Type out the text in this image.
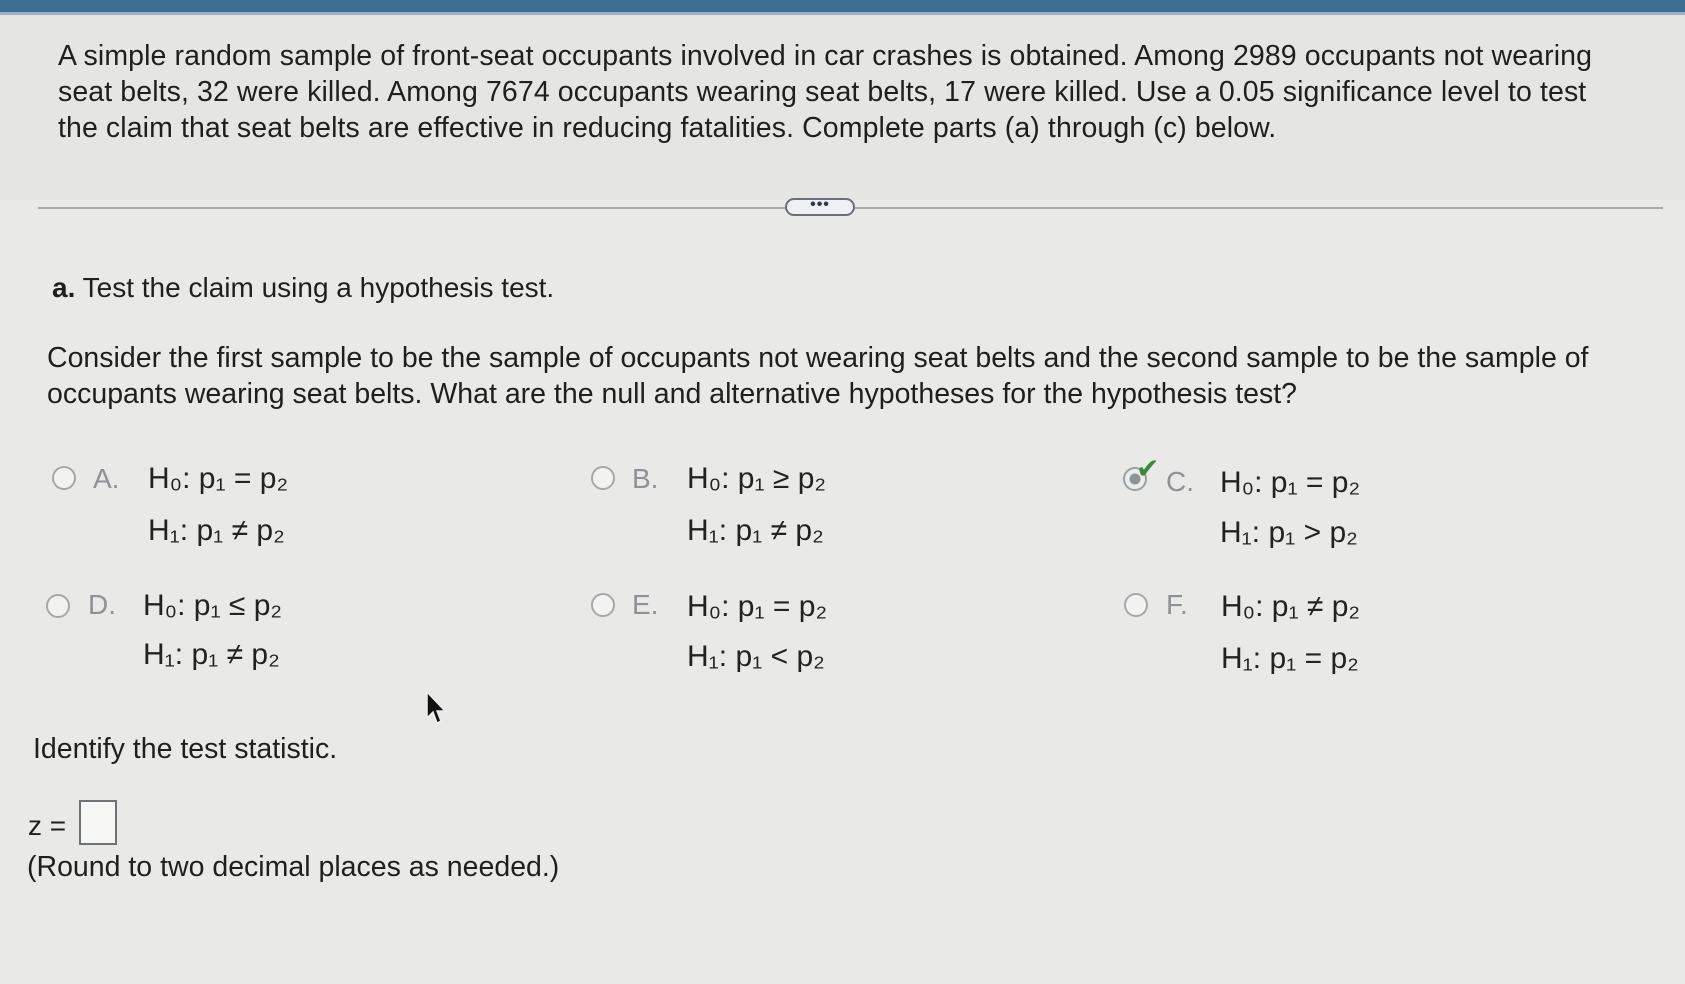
A simple random sample of front-seat occupants involved in car crashes is obtained. Among 2989 occupants not wearing seat belts, 32 were killed. Among 7674 occupants wearing seat belts, 17 were killed. Use a 0.05 significance level to test the claim that seat belts are effective in reducing fatalities. Complete parts (a) through (c) below.
•••
a. Test the claim using a hypothesis test.
Consider the first sample to be the sample of occupants not wearing seat belts and the second sample to be the sample of occupants wearing seat belts. What are the null and alternative hypotheses for the hypothesis test?
A. H₀: p₁ = p₂
H₁: p₁ ≠ p₂
B. H₀: p₁ ≥ p₂
H₁: p₁ ≠ p₂
✔ C. H₀: p₁ = p₂
H₁: p₁ > p₂
D. H₀: p₁ ≤ p₂
H₁: p₁ ≠ p₂
E. H₀: p₁ = p₂
H₁: p₁ < p₂
F. H₀: p₁ ≠ p₂
H₁: p₁ = p₂
Identify the test statistic.
z =
(Round to two decimal places as needed.)
